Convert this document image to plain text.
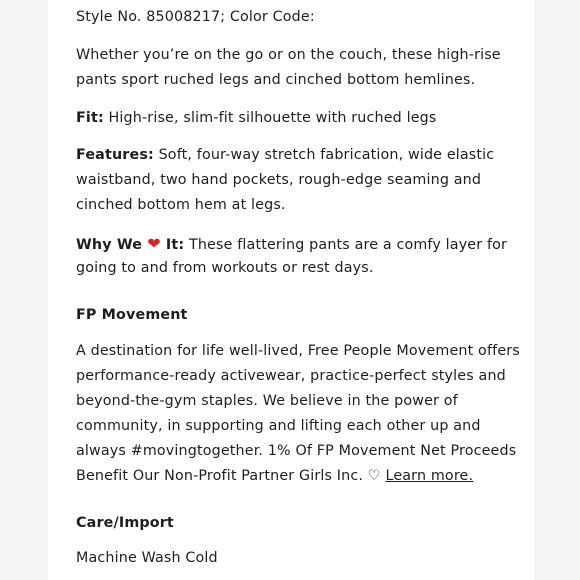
Style No. 85008217; Color Code:
Whether you’re on the go or on the couch, these high-rise
pants sport ruched legs and cinched bottom hemlines.
Fit: High-rise, slim-fit silhouette with ruched legs
Features: Soft, four-way stretch fabrication, wide elastic
waistband, two hand pockets, rough-edge seaming and
cinched bottom hem at legs.
Why We ❤ It: These flattering pants are a comfy layer for
going to and from workouts or rest days.
FP Movement
A destination for life well-lived, Free People Movement offers
performance-ready activewear, practice-perfect styles and
beyond-the-gym staples. We believe in the power of
community, in supporting and lifting each other up and
always #movingtogether. 1% Of FP Movement Net Proceeds
Benefit Our Non-Profit Partner Girls Inc. ♡ Learn more.
Care/Import
Machine Wash Cold
